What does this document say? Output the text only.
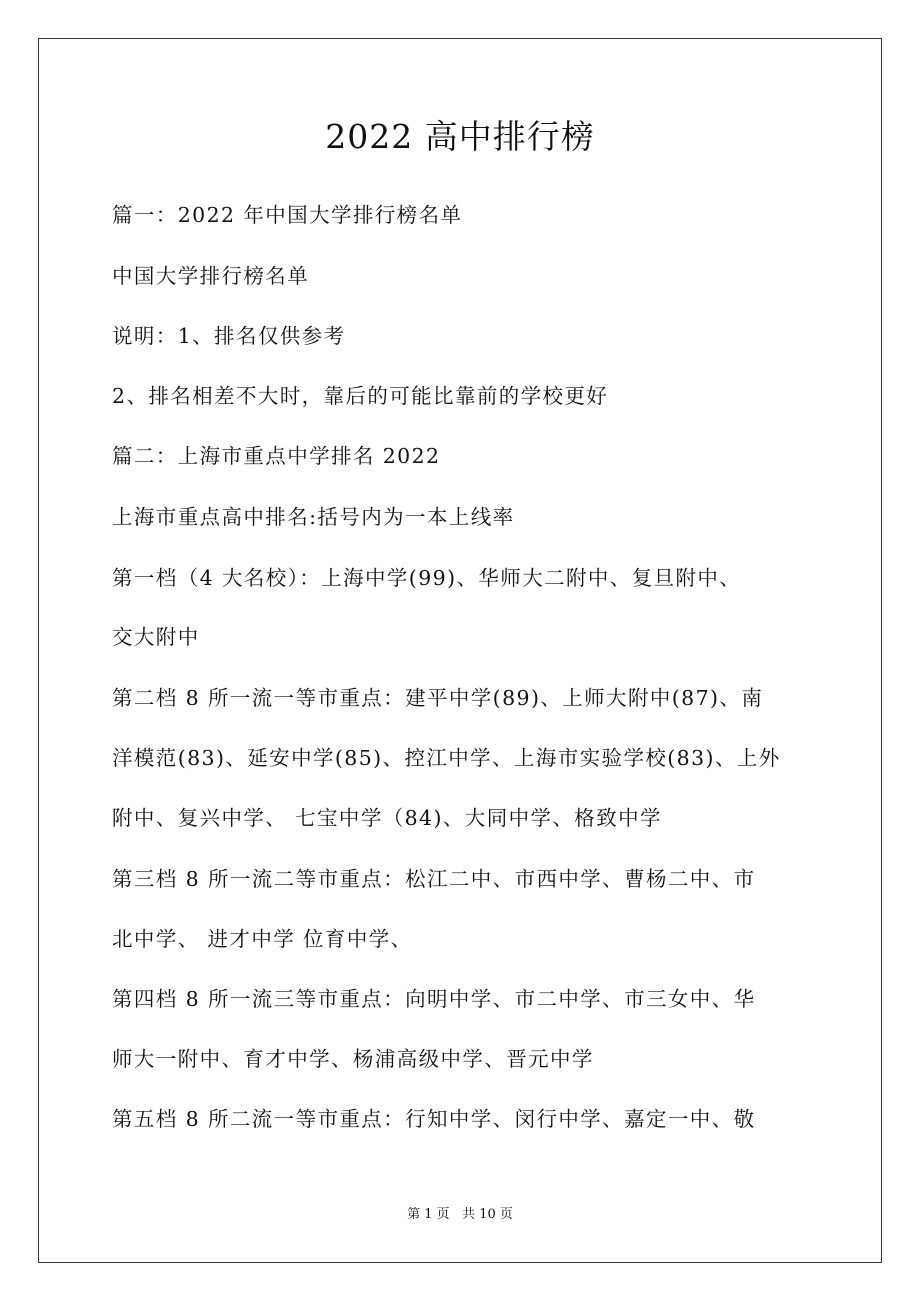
2022 高中排行榜
篇一：2022 年中国大学排行榜名单
中国大学排行榜名单
说明：1、排名仅供参考
2、排名相差不大时，靠后的可能比靠前的学校更好
篇二：上海市重点中学排名 2022
上海市重点高中排名:括号内为一本上线率
第一档（4 大名校）：上海中学(99)、华师大二附中、复旦附中、
交大附中
第二档 8 所一流一等市重点：建平中学(89)、上师大附中(87)、南
洋模范(83)、延安中学(85)、控江中学、上海市实验学校(83)、上外
附中、复兴中学、 七宝中学（84)、大同中学、格致中学
第三档 8 所一流二等市重点：松江二中、市西中学、曹杨二中、市
北中学、 进才中学 位育中学、
第四档 8 所一流三等市重点：向明中学、市二中学、市三女中、华
师大一附中、育才中学、杨浦高级中学、晋元中学
第五档 8 所二流一等市重点：行知中学、闵行中学、嘉定一中、敬
第 1 页   共 10 页
